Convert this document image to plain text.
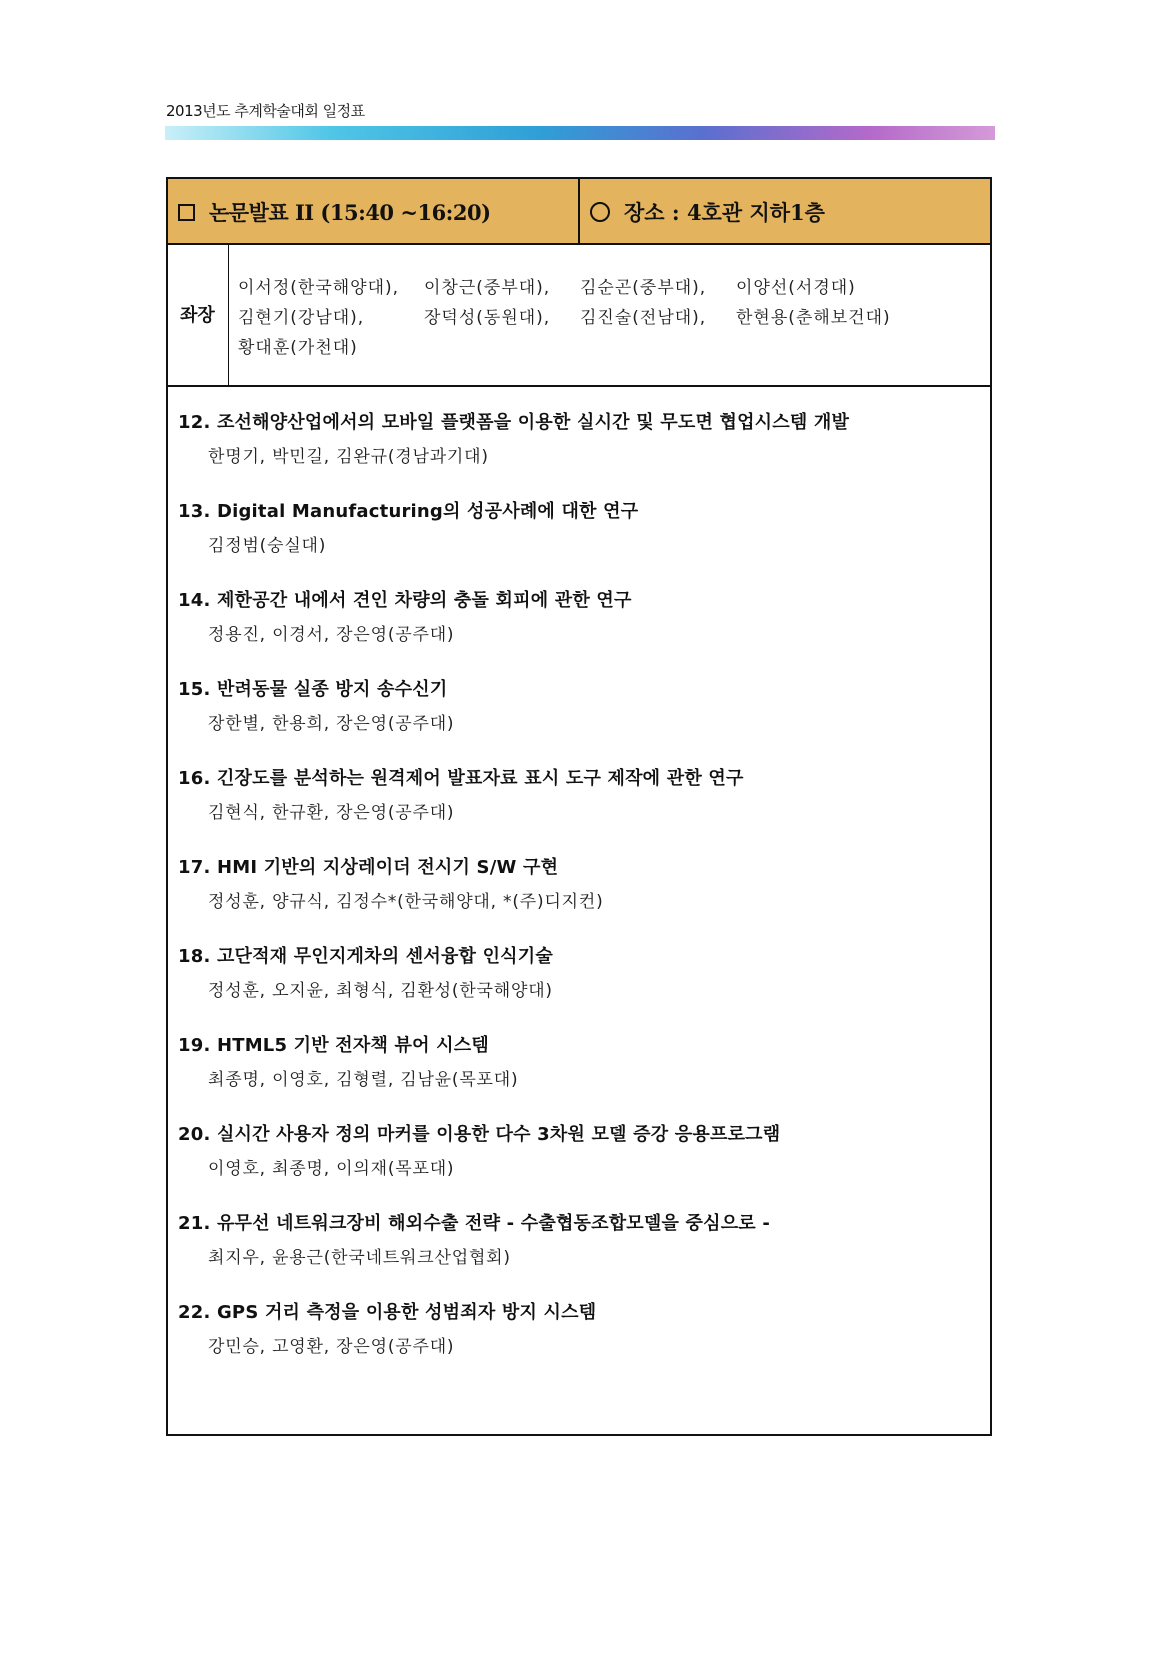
2013년도 추계학술대회 일정표
논문발표 II (15:40 ~16:20)	장소 : 4호관 지하1층
좌장
이서정(한국해양대), 이창근(중부대), 김순곤(중부대), 이양선(서경대)
김현기(강남대),	장덕성(동원대), 김진술(전남대), 한현용(춘해보건대)
황대훈(가천대)
12. 조선해양산업에서의 모바일 플랫폼을 이용한 실시간 및 무도면 협업시스템 개발
한명기, 박민길, 김완규(경남과기대)
13. Digital Manufacturing의 성공사례에 대한 연구
김정범(숭실대)
14. 제한공간 내에서 견인 차량의 충돌 회피에 관한 연구
정용진, 이경서, 장은영(공주대)
15. 반려동물 실종 방지 송수신기
장한별, 한용희, 장은영(공주대)
16. 긴장도를 분석하는 원격제어 발표자료 표시 도구 제작에 관한 연구
김현식, 한규환, 장은영(공주대)
17. HMI 기반의 지상레이더 전시기 S/W 구현
정성훈, 양규식, 김정수*(한국해양대, *(주)디지컨)
18. 고단적재 무인지게차의 센서융합 인식기술
정성훈, 오지윤, 최형식, 김환성(한국해양대)
19. HTML5 기반 전자책 뷰어 시스템
최종명, 이영호, 김형렬, 김남윤(목포대)
20. 실시간 사용자 정의 마커를 이용한 다수 3차원 모델 증강 응용프로그램
이영호, 최종명, 이의재(목포대)
21. 유무선 네트워크장비 해외수출 전략 - 수출협동조합모델을 중심으로 -
최지우, 윤용근(한국네트워크산업협회)
22. GPS 거리 측정을 이용한 성범죄자 방지 시스템
강민승, 고영환, 장은영(공주대)
